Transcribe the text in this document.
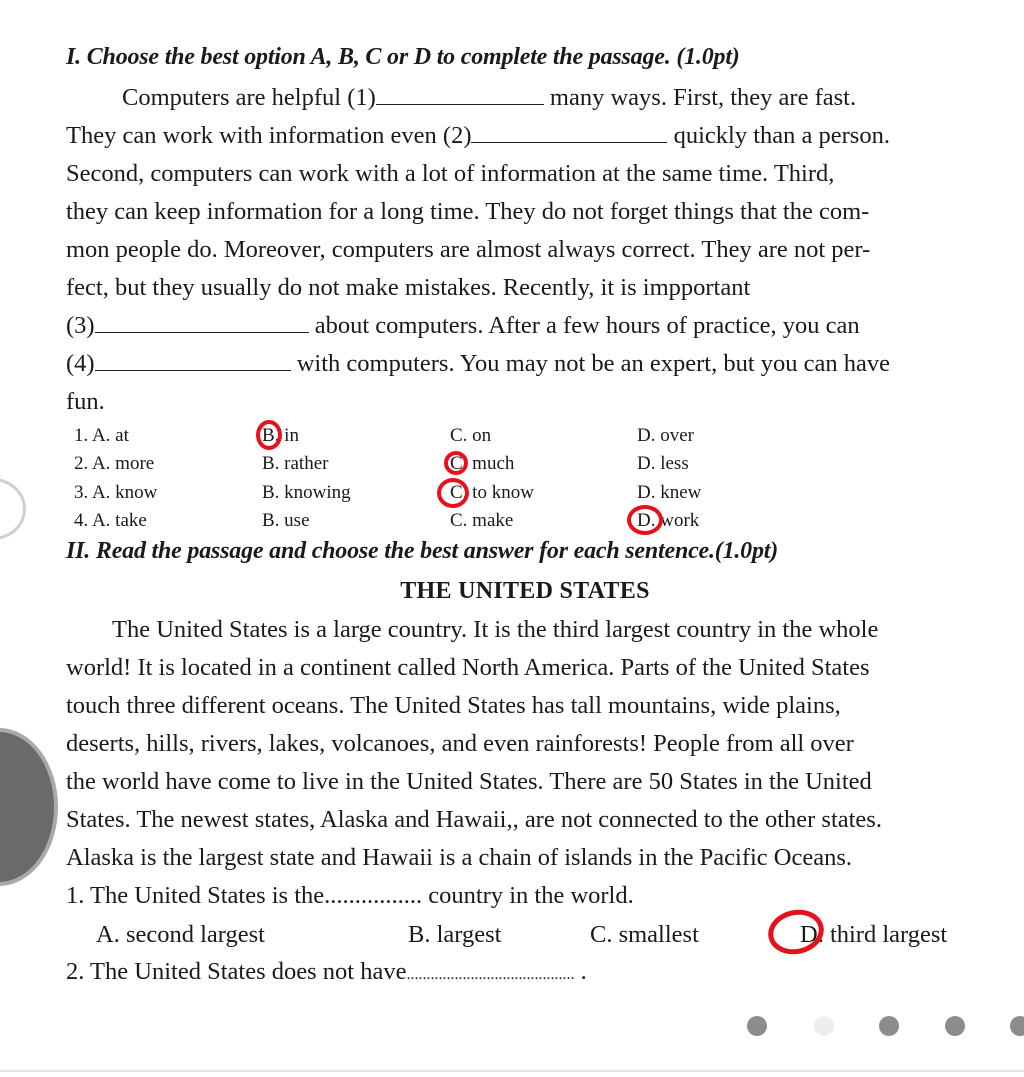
I. Choose the best option A, B, C or D to complete the passage. (1.0pt)
Computers are helpful (1)	many ways. First, they are fast.
They can work with information even (2)	quickly than a person.
Second, computers can work with a lot of information at the same time. Third,
they can keep information for a long time. They do not forget things that the com-
mon people do. Moreover, computers are almost always correct. They are not per-
fect, but they usually do not make mistakes. Recently, it is impportant
(3)	about computers. After a few hours of practice, you can
(4)	with computers. You may not be an expert, but you can have
fun.
1. A. at	B. in	C. on	D. over
2. A. more	B. rather	C. much	D. less
3. A. know	B. knowing	C. to know	D. knew
4. A. take	B. use	C. make	D. work
II. Read the passage and choose the best answer for each sentence.(1.0pt)
THE UNITED STATES
The United States is a large country. It is the third largest country in the whole
world! It is located in a continent called North America. Parts of the United States
touch three different oceans. The United States has tall mountains, wide plains,
deserts, hills, rivers, lakes, volcanoes, and even rainforests! People from all over
the world have come to live in the United States. There are 50 States in the United
States. The newest states, Alaska and Hawaii,, are not connected to the other states.
Alaska is the largest state and Hawaii is a chain of islands in the Pacific Oceans.
1. The United States is the................ country in the world.
A. second largest	B. largest	C. smallest	D. third largest
2. The United States does not have.......................................... .
